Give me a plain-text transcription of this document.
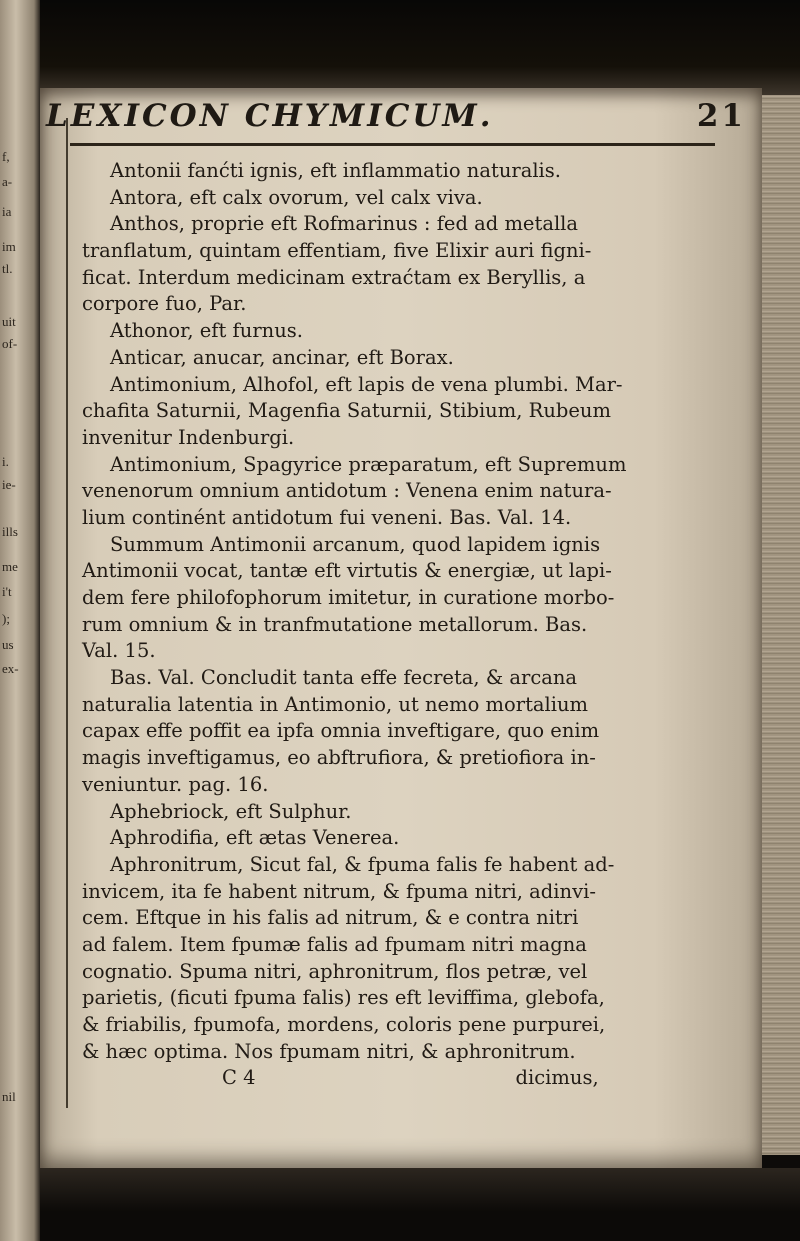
f,
a-
ia
im
tl.
uit
of-
i.
ie-
ills
me
i't
);
us
ex-
nil
LEXICON CHYMICUM.	21
Antonii fanćti ignis, eft inflammatio naturalis.
Antora, eft calx ovorum, vel calx viva.
Anthos, proprie eft Rofmarinus : fed ad metalla
tranflatum, quintam effentiam, five Elixir auri figni-
ficat. Interdum medicinam extraćtam ex Beryllis, a
corpore fuo, Par.
Athonor, eft furnus.
Anticar, anucar, ancinar, eft Borax.
Antimonium, Alhofol, eft lapis de vena plumbi. Mar-
chafita Saturnii, Magenfia Saturnii, Stibium, Rubeum
invenitur Indenburgi.
Antimonium, Spagyrice præparatum, eft Supremum
venenorum omnium antidotum : Venena enim natura-
lium continént antidotum fui veneni. Bas. Val. 14.
Summum Antimonii arcanum, quod lapidem ignis
Antimonii vocat, tantæ eft virtutis & energiæ, ut lapi-
dem fere philofophorum imitetur, in curatione morbo-
rum omnium & in tranfmutatione metallorum. Bas.
Val. 15.
Bas. Val. Concludit tanta effe fecreta, & arcana
naturalia latentia in Antimonio, ut nemo mortalium
capax effe poffit ea ipfa omnia inveftigare, quo enim
magis inveftigamus, eo abftrufiora, & pretiofiora in-
veniuntur. pag. 16.
Aphebriock, eft Sulphur.
Aphrodifia, eft ætas Venerea.
Aphronitrum, Sicut fal, & fpuma falis fe habent ad-
invicem, ita fe habent nitrum, & fpuma nitri, adinvi-
cem. Eftque in his falis ad nitrum, & e contra nitri
ad falem. Item fpumæ falis ad fpumam nitri magna
cognatio. Spuma nitri, aphronitrum, flos petræ, vel
parietis, (ficuti fpuma falis) res eft leviffima, glebofa,
& friabilis, fpumofa, mordens, coloris pene purpurei,
& hæc optima. Nos fpumam nitri, & aphronitrum.
C 4	dicimus,
